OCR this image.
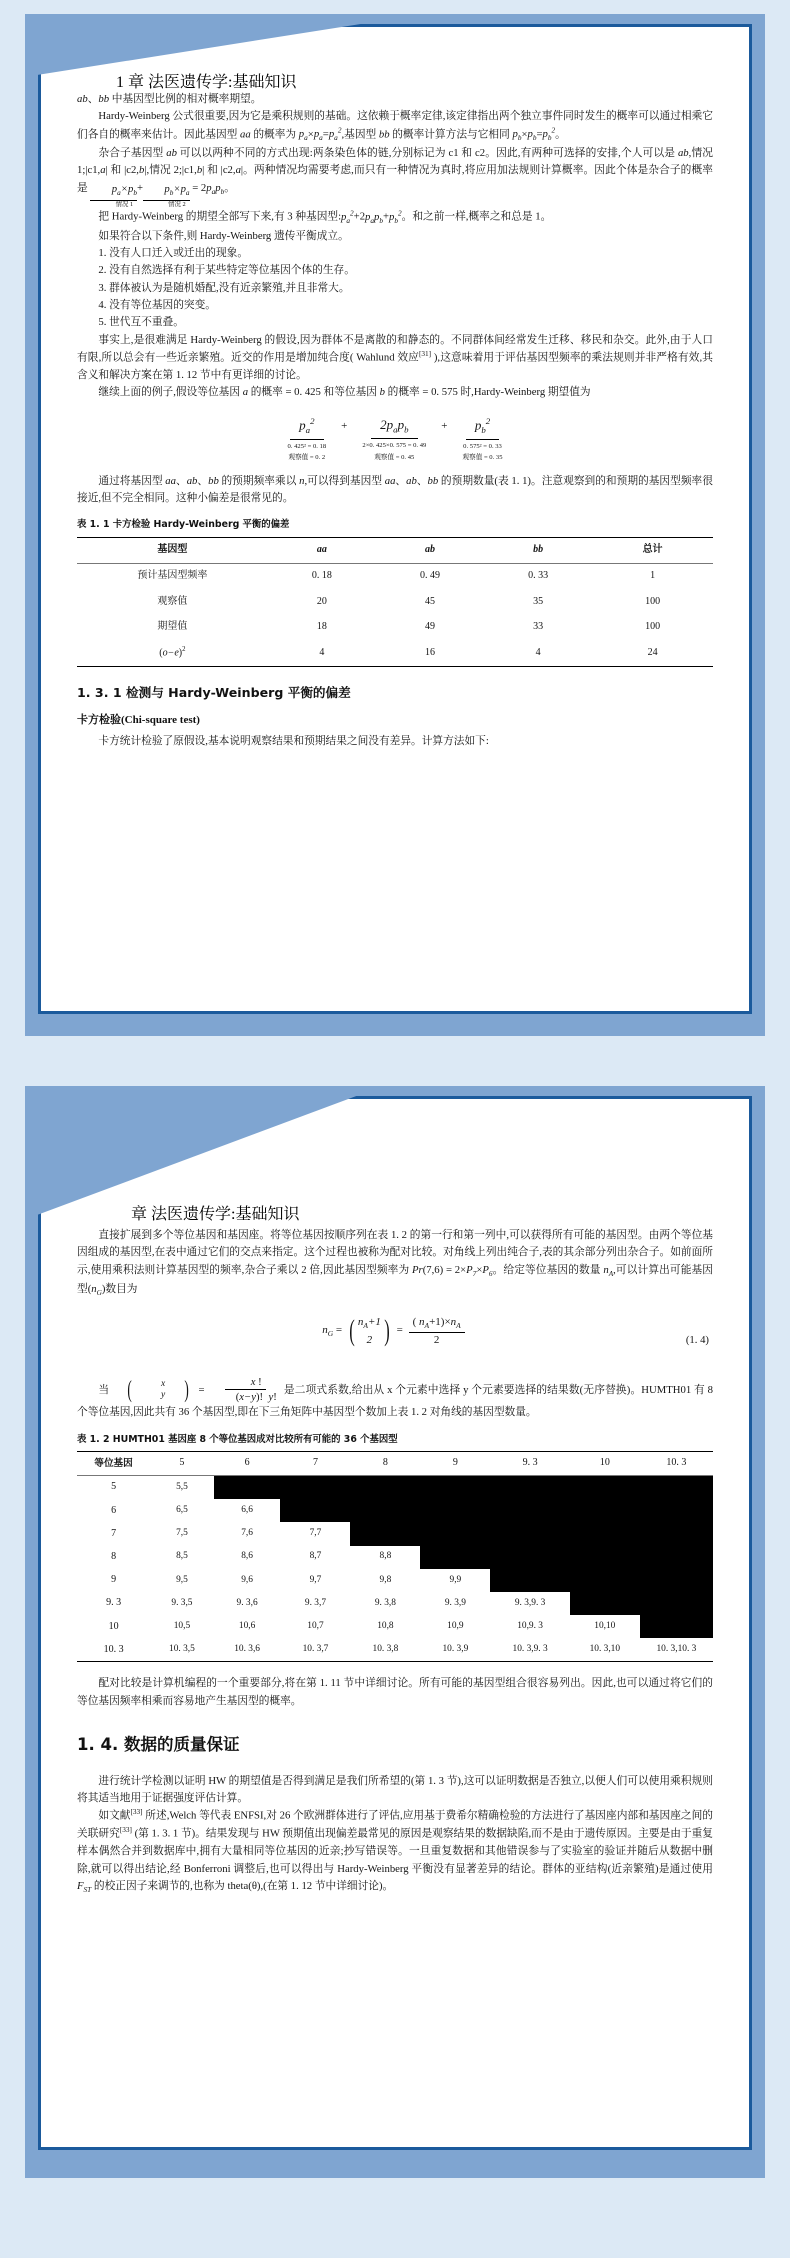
1 章 法医遗传学:基础知识

ab、bb 中基因型比例的相对概率期望。

Hardy-Weinberg 公式很重要,因为它是乘积规则的基础。这依赖于概率定律,该定律指出两个独立事件同时发生的概率可以通过相乘它们各自的概率来估计。因此基因型 aa 的概率为 $p_a\times p_a=p_a^2$,基因型 bb 的概率计算方法与它相同 $p_b\times p_b=p_b^2$。

杂合子基因型 ab 可以以两种不同的方式出现:两条染色体的链,分别标记为 c1 和 c2。因此,有两种可选择的安排,个人可以是 ab,情况 1;|c1,a| 和 |c2,b|,情况 2;|c1,b| 和 |c2,a|。两种情况均需要考虑,而只有一种情况为真时,将应用加法规则计算概率。因此个体是杂合子的概率是	$p_a\times p_b$
情况 1
+	$p_b\times p_a$
情况 2
= $2p_ap_b$。

把 Hardy-Weinberg 的期望全部写下来,有 3 种基因型$:p_a^2+2p_ap_b+p_b^2$。和之前一样,概率之和总是 1。

如果符合以下条件,则 Hardy-Weinberg 遗传平衡成立。

1. 没有人口迁入或迁出的现象。
2. 没有自然选择有利于某些特定等位基因个体的生存。
3. 群体被认为是随机婚配,没有近亲繁殖,并且非常大。
4. 没有等位基因的突变。
5. 世代互不重叠。

事实上,是很难满足 Hardy-Weinberg 的假设,因为群体不是离散的和静态的。不同群体间经常发生迁移、移民和杂交。此外,由于人口有限,所以总会有一些近亲繁殖。近交的作用是增加纯合度( Wahlund 效应[31] ),这意味着用于评估基因型频率的乘法规则并非严格有效,其含义和解决方案在第 1. 12 节中有更详细的讨论。

继续上面的例子,假设等位基因 a 的概率 = 0. 425 和等位基因 b 的概率 = 0. 575 时,Hardy-Weinberg 期望值为

$p_a^2$
0. 425² = 0. 18
观察值 = 0. 2
+	$2p_ap_b$
2×0. 425×0. 575 = 0. 49
观察值 = 0. 45
+	$p_b^2$
0. 575² = 0. 33
观察值 = 0. 35

通过将基因型 aa、ab、bb 的预期频率乘以 n,可以得到基因型 aa、ab、bb 的预期数量(表 1. 1)。注意观察到的和预期的基因型频率很接近,但不完全相同。这种小偏差是很常见的。

表 1. 1 卡方检验 Hardy-Weinberg 平衡的偏差
基因型	aa	ab	bb	总计
预计基因型频率	0. 18	0. 49	0. 33	1
观察值	20	45	35	100
期望值	18	49	33	100
$(o-e)^2$	4	16	4	24
1. 3. 1 检测与 Hardy-Weinberg 平衡的偏差
卡方检验(Chi-square test)

卡方统计检验了原假设,基本说明观察结果和预期结果之间没有差异。计算方法如下:

章 法医遗传学:基础知识

直接扩展到多个等位基因和基因座。将等位基因按顺序列在表 1. 2 的第一行和第一列中,可以获得所有可能的基因型。由两个等位基因组成的基因型,在表中通过它们的交点来指定。这个过程也被称为配对比较。对角线上列出纯合子,表的其余部分列出杂合子。如前面所示,使用乘积法则计算基因型的频率,杂合子乘以 2 倍,因此基因型频率为 $Pr(7,6) = 2\times P_7\times P_6$。给定等位基因的数量 $n_A$,可以计算出可能基因型$(n_G)$数目为

$n_G$ = ( $n_A+1$
2 ) = $\frac{( n_A+1)\times n_A}{2}$	(1. 4)

当 (	x
y ) = $\frac{x !}{(x-y)! y!}$ 是二项式系数,给出从 x 个元素中选择 y 个元素要选择的结果数(无序替换)。HUMTH01 有 8 个等位基因,因此共有 36 个基因型,即在下三角矩阵中基因型个数加上表 1. 2 对角线的基因型数量。

表 1. 2 HUMTH01 基因座 8 个等位基因成对比较所有可能的 36 个基因型
等位基因	5	6	7	8	9	9. 3	10	10. 3
5	5,5							
6	6,5	6,6						
7	7,5	7,6	7,7					
8	8,5	8,6	8,7	8,8				
9	9,5	9,6	9,7	9,8	9,9			
9. 3	9. 3,5	9. 3,6	9. 3,7	9. 3,8	9. 3,9	9. 3,9. 3		
10	10,5	10,6	10,7	10,8	10,9	10,9. 3	10,10	
10. 3	10. 3,5	10. 3,6	10. 3,7	10. 3,8	10. 3,9	10. 3,9. 3	10. 3,10	10. 3,10. 3

配对比较是计算机编程的一个重要部分,将在第 1. 11 节中详细讨论。所有可能的基因型组合很容易列出。因此,也可以通过将它们的等位基因频率相乘而容易地产生基因型的概率。

1. 4. 数据的质量保证

进行统计学检测以证明 HW 的期望值是否得到满足是我们所希望的(第 1. 3 节),这可以证明数据是否独立,以便人们可以使用乘积规则将其适当地用于证据强度评估计算。

如文献[33] 所述,Welch 等代表 ENFSI,对 26 个欧洲群体进行了评估,应用基于费希尔精确检验的方法进行了基因座内部和基因座之间的关联研究[33] (第 1. 3. 1 节)。结果发现与 HW 预期值出现偏差最常见的原因是观察结果的数据缺陷,而不是由于遗传原因。主要是由于重复样本偶然合并到数据库中,拥有大量相同等位基因的近亲;抄写错误等。一旦重复数据和其他错误参与了实验室的验证并随后从数据中删除,就可以得出结论,经 Bonferroni 调整后,也可以得出与 Hardy-Weinberg 平衡没有显著差异的结论。群体的亚结构(近亲繁殖)是通过使用 $F_{ST}$ 的校正因子来调节的,也称为 theta(θ),(在第 1. 12 节中详细讨论)。
